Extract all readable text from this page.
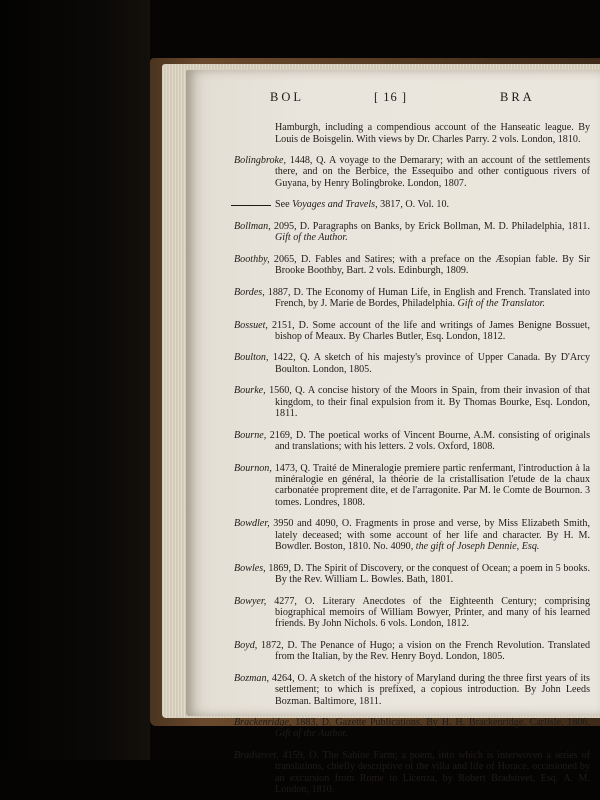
BOL	[ 16 ]	BRA

Hamburgh, including a compendious account of the Hanseatic league. By Louis de Boisgelin. With views by Dr. Charles Parry. 2 vols. London, 1810.

Bolingbroke, 1448, Q. A voyage to the Demarary; with an account of the settlements there, and on the Berbice, the Essequibo and other contiguous rivers of Guyana, by Henry Bolingbroke. London, 1807.

See Voyages and Travels, 3817, O. Vol. 10.

Bollman, 2095, D. Paragraphs on Banks, by Erick Bollman, M. D. Philadelphia, 1811. Gift of the Author.

Boothby, 2065, D. Fables and Satires; with a preface on the Æsopian fable. By Sir Brooke Boothby, Bart. 2 vols. Edinburgh, 1809.

Bordes, 1887, D. The Economy of Human Life, in English and French. Translated into French, by J. Marie de Bordes, Philadelphia. Gift of the Translator.

Bossuet, 2151, D. Some account of the life and writings of James Benigne Bossuet, bishop of Meaux. By Charles Butler, Esq. London, 1812.

Boulton, 1422, Q. A sketch of his majesty's province of Upper Canada. By D'Arcy Boulton. London, 1805.

Bourke, 1560, Q. A concise history of the Moors in Spain, from their invasion of that kingdom, to their final expulsion from it. By Thomas Bourke, Esq. London, 1811.

Bourne, 2169, D. The poetical works of Vincent Bourne, A.M. consisting of originals and translations; with his letters. 2 vols. Oxford, 1808.

Bournon, 1473, Q. Traité de Mineralogie premiere partic renfermant, l'introduction à la minéralogie en général, la théorie de la cristallisation l'etude de la chaux carbonatée proprement dite, et de l'arragonite. Par M. le Comte de Bournon. 3 tomes. Londres, 1808.

Bowdler, 3950 and 4090, O. Fragments in prose and verse, by Miss Elizabeth Smith, lately deceased; with some account of her life and character. By H. M. Bowdler. Boston, 1810. No. 4090, the gift of Joseph Dennie, Esq.

Bowles, 1869, D. The Spirit of Discovery, or the conquest of Ocean; a poem in 5 books. By the Rev. William L. Bowles. Bath, 1801.

Bowyer, 4277, O. Literary Anecdotes of the Eighteenth Century; comprising biographical memoirs of William Bowyer, Printer, and many of his learned friends. By John Nichols. 6 vols. London, 1812.

Boyd, 1872, D. The Penance of Hugo; a vision on the French Revolution. Translated from the Italian, by the Rev. Henry Boyd. London, 1805.

Bozman, 4264, O. A sketch of the history of Maryland during the three first years of its settlement; to which is prefixed, a copious introduction. By John Leeds Bozman. Baltimore, 1811.

Brackenridge, 1883, D. Gazette Publications. By H. H. Brackenridge. Carlisle, 1806. Gift of the Author.

Bradstreet, 4159, O. The Sabine Farm; a poem, into which is interwoven a series of translations, chiefly descriptive of the villa and life of Horace, occasioned by an excursion from Rome to Licenza, by Robert Bradstreet, Esq. A. M. London, 1810.
